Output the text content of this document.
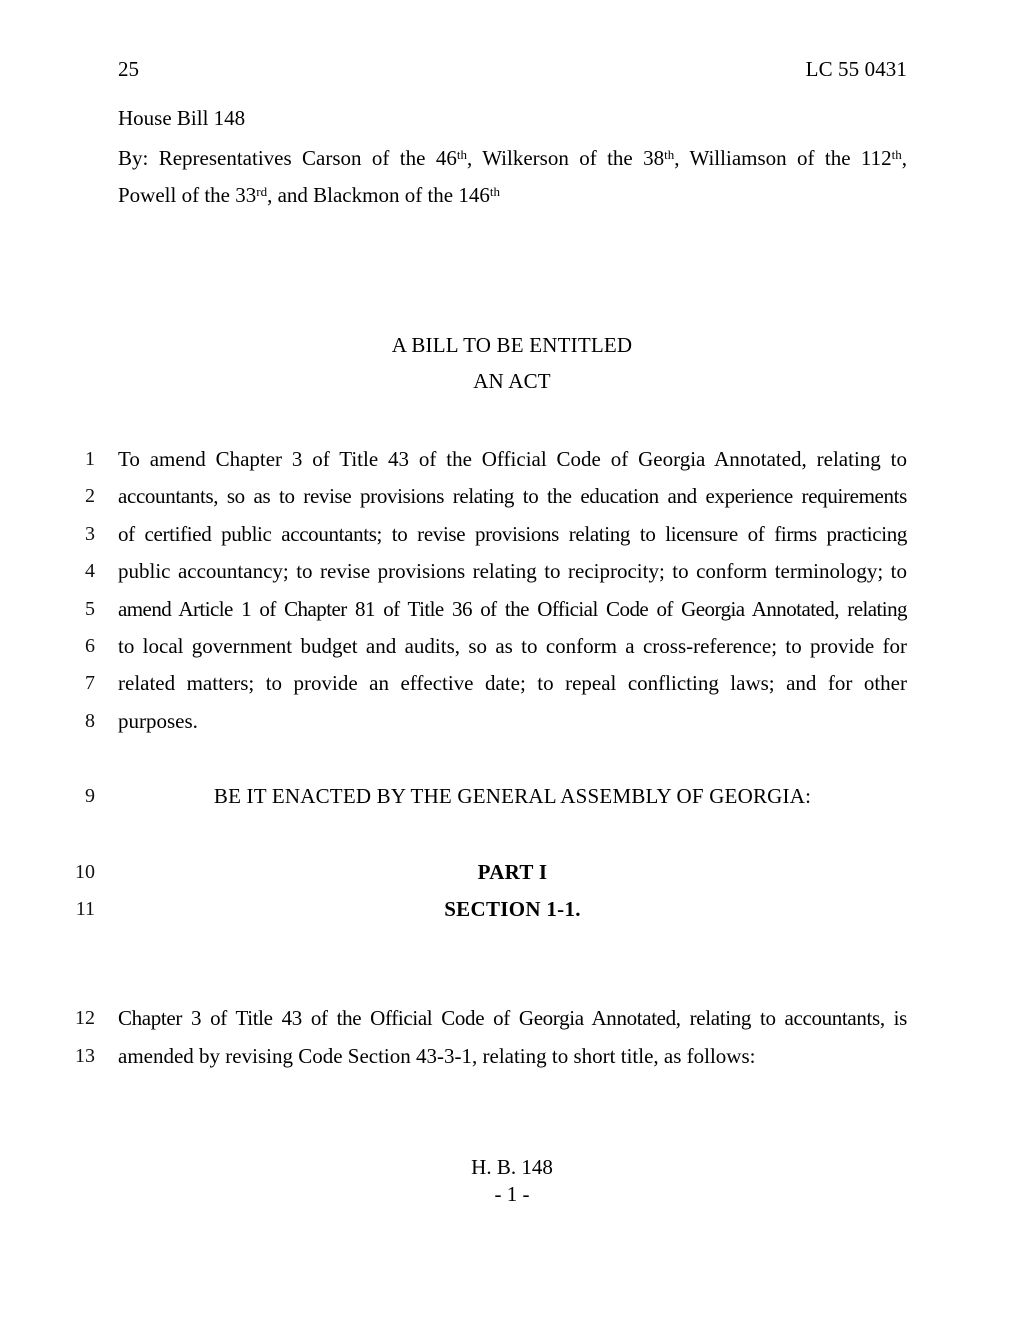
25	LC 55 0431
House Bill 148
By: Representatives Carson of the 46th, Wilkerson of the 38th, Williamson of the 112th,
Powell of the 33rd, and Blackmon of the 146th
A BILL TO BE ENTITLED
AN ACT
1 To amend Chapter 3 of Title 43 of the Official Code of Georgia Annotated, relating to
2 accountants, so as to revise provisions relating to the education and experience requirements
3 of certified public accountants; to revise provisions relating to licensure of firms practicing
4 public accountancy; to revise provisions relating to reciprocity; to conform terminology; to
5 amend Article 1 of Chapter 81 of Title 36 of the Official Code of Georgia Annotated, relating
6 to local government budget and audits, so as to conform a cross-reference; to provide for
7 related matters; to provide an effective date; to repeal conflicting laws; and for other
8 purposes.
9	BE IT ENACTED BY THE GENERAL ASSEMBLY OF GEORGIA:
10	PART I
11	SECTION 1-1.
12 Chapter 3 of Title 43 of the Official Code of Georgia Annotated, relating to accountants, is
13 amended by revising Code Section 43-3-1, relating to short title, as follows:
H. B. 148
- 1 -
